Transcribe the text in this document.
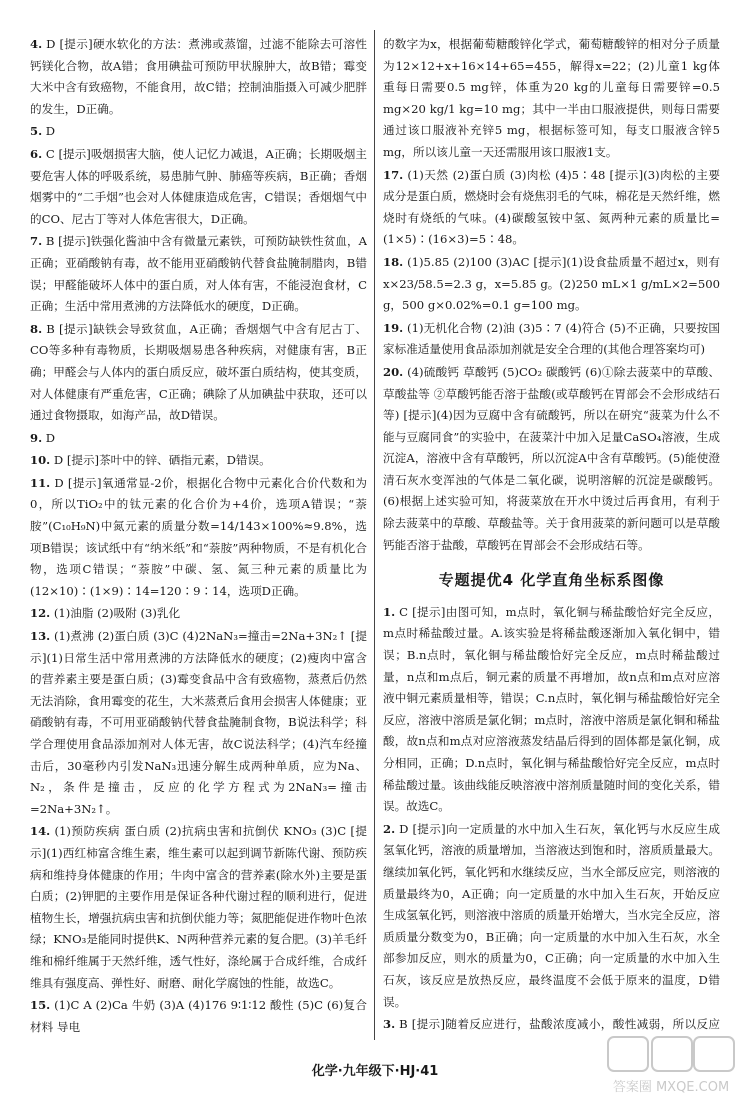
4. D [提示]硬水软化的方法：煮沸或蒸馏，过滤不能除去可溶性钙镁化合物，故A错；食用碘盐可预防甲状腺肿大，故B错；霉变大米中含有致癌物，不能食用，故C错；控制油脂摄入可减少肥胖的发生，D正确。
5. D
6. C [提示]吸烟损害大脑，使人记忆力减退，A正确；长期吸烟主要危害人体的呼吸系统，易患肺气肿、肺癌等疾病，B正确；香烟烟雾中的“二手烟”也会对人体健康造成危害，C错误；香烟烟气中的CO、尼古丁等对人体危害很大，D正确。
7. B [提示]铁强化酱油中含有微量元素铁，可预防缺铁性贫血，A正确；亚硝酸钠有毒，故不能用亚硝酸钠代替食盐腌制腊肉，B错误；甲醛能破坏人体中的蛋白质，对人体有害，不能浸泡食材，C正确；生活中常用煮沸的方法降低水的硬度，D正确。
8. B [提示]缺铁会导致贫血，A正确；香烟烟气中含有尼古丁、CO等多种有毒物质，长期吸烟易患各种疾病，对健康有害，B正确；甲醛会与人体内的蛋白质反应，破坏蛋白质结构，使其变质，对人体健康有严重危害，C正确；碘除了从加碘盐中获取，还可以通过食物摄取，如海产品，故D错误。
9. D
10. D [提示]茶叶中的锌、硒指元素，D错误。
11. D [提示]氧通常显-2价，根据化合物中元素化合价代数和为0，所以TiO₂中的钛元素的化合价为+4价，选项A错误；“萘胺”(C₁₀H₉N)中氮元素的质量分数=14/143×100%≈9.8%，选项B错误；该试纸中有“纳米纸”和“萘胺”两种物质，不是有机化合物，选项C错误；“萘胺”中碳、氢、氮三种元素的质量比为(12×10)∶(1×9)∶14=120∶9∶14，选项D正确。
12. (1)油脂 (2)吸附 (3)乳化
13. (1)煮沸 (2)蛋白质 (3)C (4)2NaN₃=撞击=2Na+3N₂↑ [提示](1)日常生活中常用煮沸的方法降低水的硬度；(2)瘦肉中富含的营养素主要是蛋白质；(3)霉变食品中含有致癌物，蒸煮后仍然无法消除，食用霉变的花生，大米蒸煮后食用会损害人体健康；亚硝酸钠有毒，不可用亚硝酸钠代替食盐腌制食物，B说法科学；科学合理使用食品添加剂对人体无害，故C说法科学；(4)汽车经撞击后，30毫秒内引发NaN₃迅速分解生成两种单质，应为Na、N₂，条件是撞击，反应的化学方程式为2NaN₃=撞击=2Na+3N₂↑。
14. (1)预防疾病 蛋白质 (2)抗病虫害和抗倒伏 KNO₃ (3)C [提示](1)西红柿富含维生素，维生素可以起到调节新陈代谢、预防疾病和维持身体健康的作用；牛肉中富含的营养素(除水外)主要是蛋白质；(2)钾肥的主要作用是保证各种代谢过程的顺利进行，促进植物生长，增强抗病虫害和抗倒伏能力等；氮肥能促进作物叶色浓绿；KNO₃是能同时提供K、N两种营养元素的复合肥。(3)羊毛纤维和棉纤维属于天然纤维，透气性好，涤纶属于合成纤维，合成纤维具有强度高、弹性好、耐磨、耐化学腐蚀的性能，故选C。
15. (1)C A (2)Ca 牛奶 (3)A (4)176 9∶1∶12 酸性 (5)C (6)复合材料 导电
的数字为x，根据葡萄糖酸锌化学式，葡萄糖酸锌的相对分子质量为12×12+x+16×14+65=455，解得x=22；(2)儿童1 kg体重每日需要0.5 mg锌，体重为20 kg的儿童每日需要锌=0.5 mg×20 kg/1 kg=10 mg；其中一半由口服液提供，则每日需要通过该口服液补充锌5 mg，根据标签可知，每支口服液含锌5 mg，所以该儿童一天还需服用该口服液1支。
17. (1)天然 (2)蛋白质 (3)肉松 (4)5∶48 [提示](3)肉松的主要成分是蛋白质，燃烧时会有烧焦羽毛的气味，棉花是天然纤维，燃烧时有烧纸的气味。(4)碳酸氢铵中氢、氮两种元素的质量比=(1×5)∶(16×3)=5∶48。
18. (1)5.85 (2)100 (3)AC [提示](1)设食盐质量不超过x，则有x×23/58.5=2.3 g，x=5.85 g。(2)250 mL×1 g/mL×2=500 g，500 g×0.02%=0.1 g=100 mg。
19. (1)无机化合物 (2)油 (3)5∶7 (4)符合 (5)不正确，只要按国家标准适量使用食品添加剂就是安全合理的(其他合理答案均可)
20. (4)硫酸钙 草酸钙 (5)CO₂ 碳酸钙 (6)①除去菠菜中的草酸、草酸盐等 ②草酸钙能否溶于盐酸(或草酸钙在胃部会不会形成结石等) [提示](4)因为豆腐中含有硫酸钙，所以在研究“菠菜为什么不能与豆腐同食”的实验中，在菠菜汁中加入足量CaSO₄溶液，生成沉淀A，溶液中含有草酸钙，所以沉淀A中含有草酸钙。(5)能使澄清石灰水变浑浊的气体是二氧化碳，说明溶解的沉淀是碳酸钙。(6)根据上述实验可知，将菠菜放在开水中烫过后再食用，有利于除去菠菜中的草酸、草酸盐等。关于食用菠菜的新问题可以是草酸钙能否溶于盐酸，草酸钙在胃部会不会形成结石等。
专题提优4 化学直角坐标系图像
1. C [提示]由图可知，m点时，氧化铜与稀盐酸恰好完全反应，m点时稀盐酸过量。A.该实验是将稀盐酸逐渐加入氧化铜中，错误；B.n点时，氧化铜与稀盐酸恰好完全反应，m点时稀盐酸过量，n点和m点后，铜元素的质量不再增加，故n点和m点对应溶液中铜元素质量相等，错误；C.n点时，氧化铜与稀盐酸恰好完全反应，溶液中溶质是氯化铜；m点时，溶液中溶质是氯化铜和稀盐酸，故n点和m点对应溶液蒸发结晶后得到的固体都是氯化铜，成分相同，正确；D.n点时，氧化铜与稀盐酸恰好完全反应，m点时稀盐酸过量。该曲线能反映溶液中溶剂质量随时间的变化关系，错误。故选C。
2. D [提示]向一定质量的水中加入生石灰，氧化钙与水反应生成氢氧化钙，溶液的质量增加，当溶液达到饱和时，溶质质量最大。继续加氧化钙，氧化钙和水继续反应，当水全部反应完，则溶液的质量最终为0，A正确；向一定质量的水中加入生石灰，开始反应生成氢氧化钙，则溶液中溶质的质量开始增大，当水完全反应，溶质质量分数变为0，B正确；向一定质量的水中加入生石灰，水全部参加反应，则水的质量为0，C正确；向一定质量的水中加入生石灰，该反应是放热反应，最终温度不会低于原来的温度，D错误。
3. B [提示]随着反应进行，盐酸浓度减小，酸性减弱，所以反应
化学·九年级下·HJ·41
答案圈 MXQE.COM
